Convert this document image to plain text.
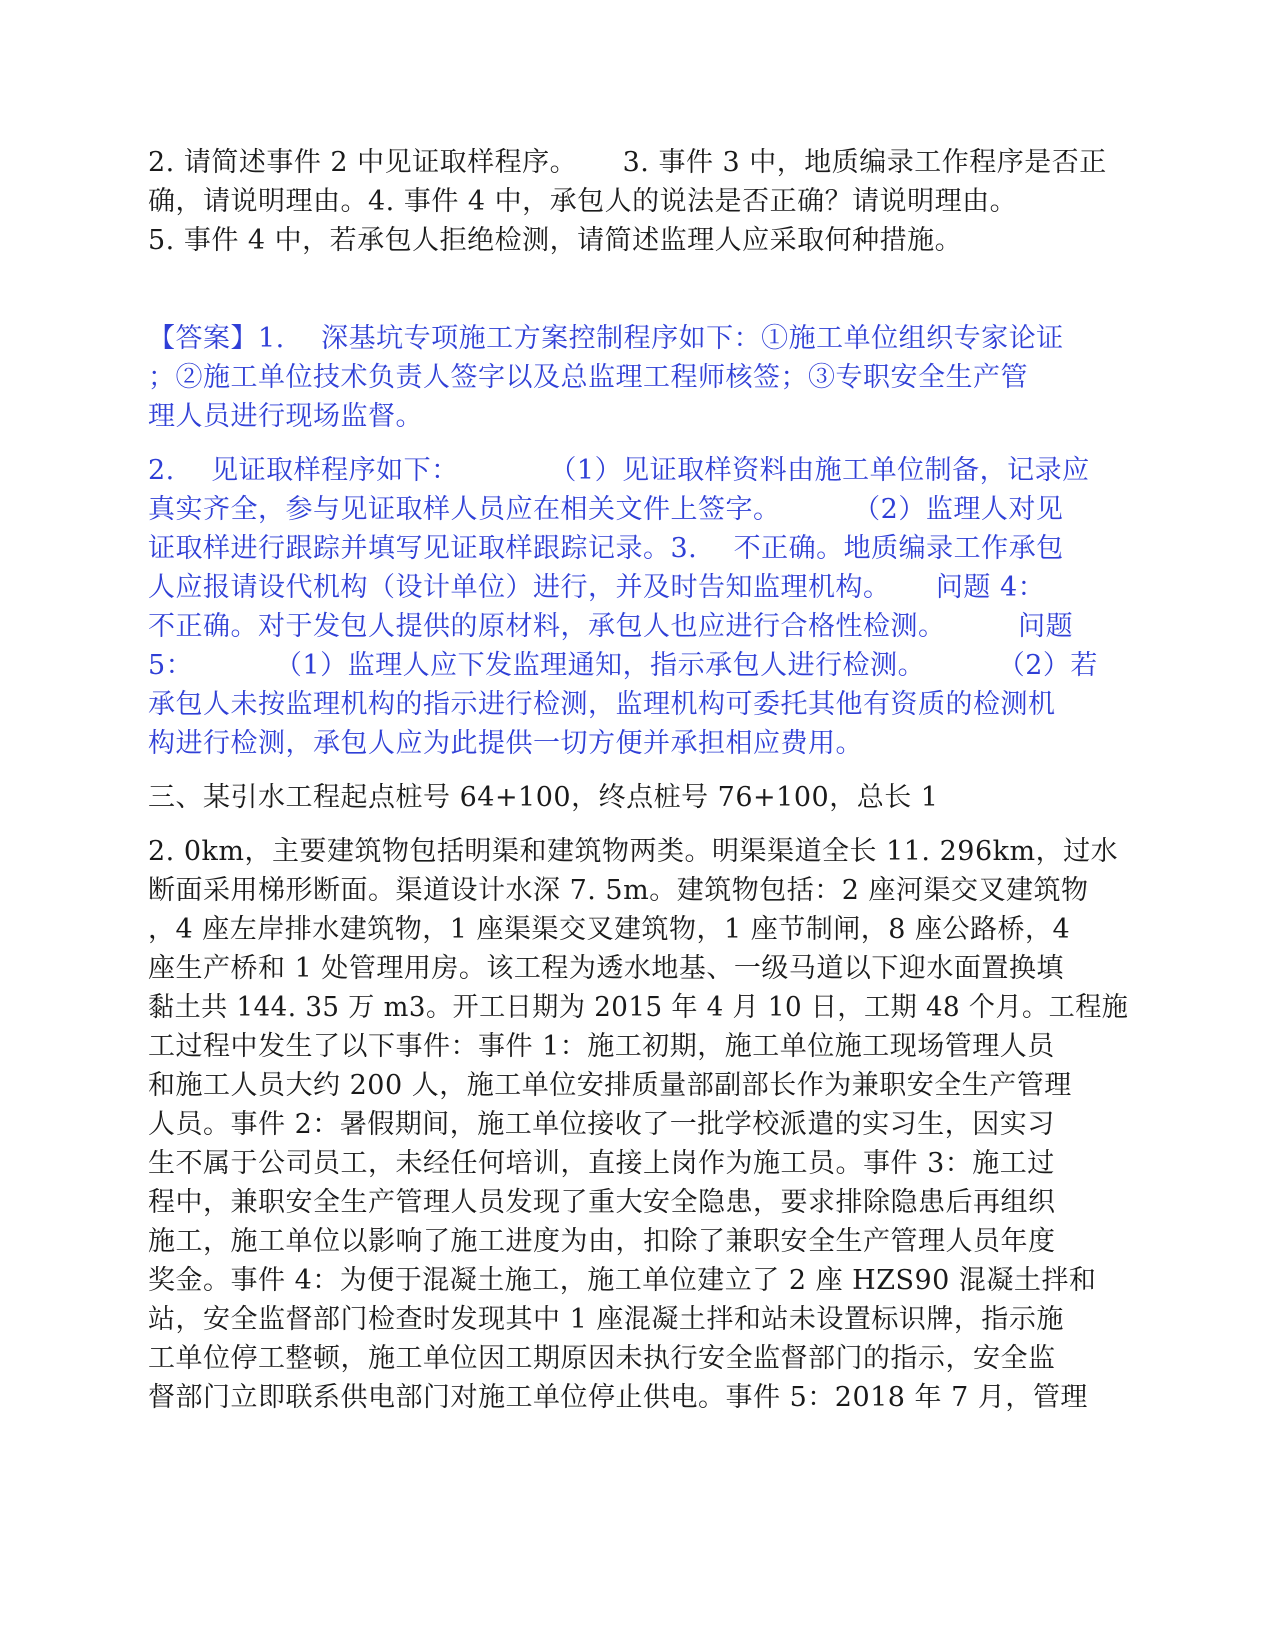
2. 请简述事件 2 中见证取样程序。     3. 事件 3 中，地质编录工作程序是否正
确，请说明理由。4. 事件 4 中，承包人的说法是否正确？请说明理由。
5. 事件 4 中，若承包人拒绝检测，请简述监理人应采取何种措施。
【答案】1.    深基坑专项施工方案控制程序如下：①施工单位组织专家论证
；②施工单位技术负责人签字以及总监理工程师核签；③专职安全生产管
理人员进行现场监督。
2.    见证取样程序如下：          （1）见证取样资料由施工单位制备，记录应
真实齐全，参与见证取样人员应在相关文件上签字。        （2）监理人对见
证取样进行跟踪并填写见证取样跟踪记录。3.    不正确。地质编录工作承包
人应报请设代机构（设计单位）进行，并及时告知监理机构。     问题 4：
不正确。对于发包人提供的原材料，承包人也应进行合格性检测。        问题
5：         （1）监理人应下发监理通知，指示承包人进行检测。        （2）若
承包人未按监理机构的指示进行检测，监理机构可委托其他有资质的检测机
构进行检测，承包人应为此提供一切方便并承担相应费用。
三、某引水工程起点桩号 64+100，终点桩号 76+100，总长 1
2. 0km，主要建筑物包括明渠和建筑物两类。明渠渠道全长 11. 296km，过水
断面采用梯形断面。渠道设计水深 7. 5m。建筑物包括：2 座河渠交叉建筑物
，4 座左岸排水建筑物，1 座渠渠交叉建筑物，1 座节制闸，8 座公路桥，4
座生产桥和 1 处管理用房。该工程为透水地基、一级马道以下迎水面置换填
黏土共 144. 35 万 m3。开工日期为 2015 年 4 月 10 日，工期 48 个月。工程施
工过程中发生了以下事件：事件 1：施工初期，施工单位施工现场管理人员
和施工人员大约 200 人，施工单位安排质量部副部长作为兼职安全生产管理
人员。事件 2：暑假期间，施工单位接收了一批学校派遣的实习生，因实习
生不属于公司员工，未经任何培训，直接上岗作为施工员。事件 3：施工过
程中，兼职安全生产管理人员发现了重大安全隐患，要求排除隐患后再组织
施工，施工单位以影响了施工进度为由，扣除了兼职安全生产管理人员年度
奖金。事件 4：为便于混凝土施工，施工单位建立了 2 座 HZS90 混凝土拌和
站，安全监督部门检查时发现其中 1 座混凝土拌和站未设置标识牌，指示施
工单位停工整顿，施工单位因工期原因未执行安全监督部门的指示，安全监
督部门立即联系供电部门对施工单位停止供电。事件 5：2018 年 7 月，管理
